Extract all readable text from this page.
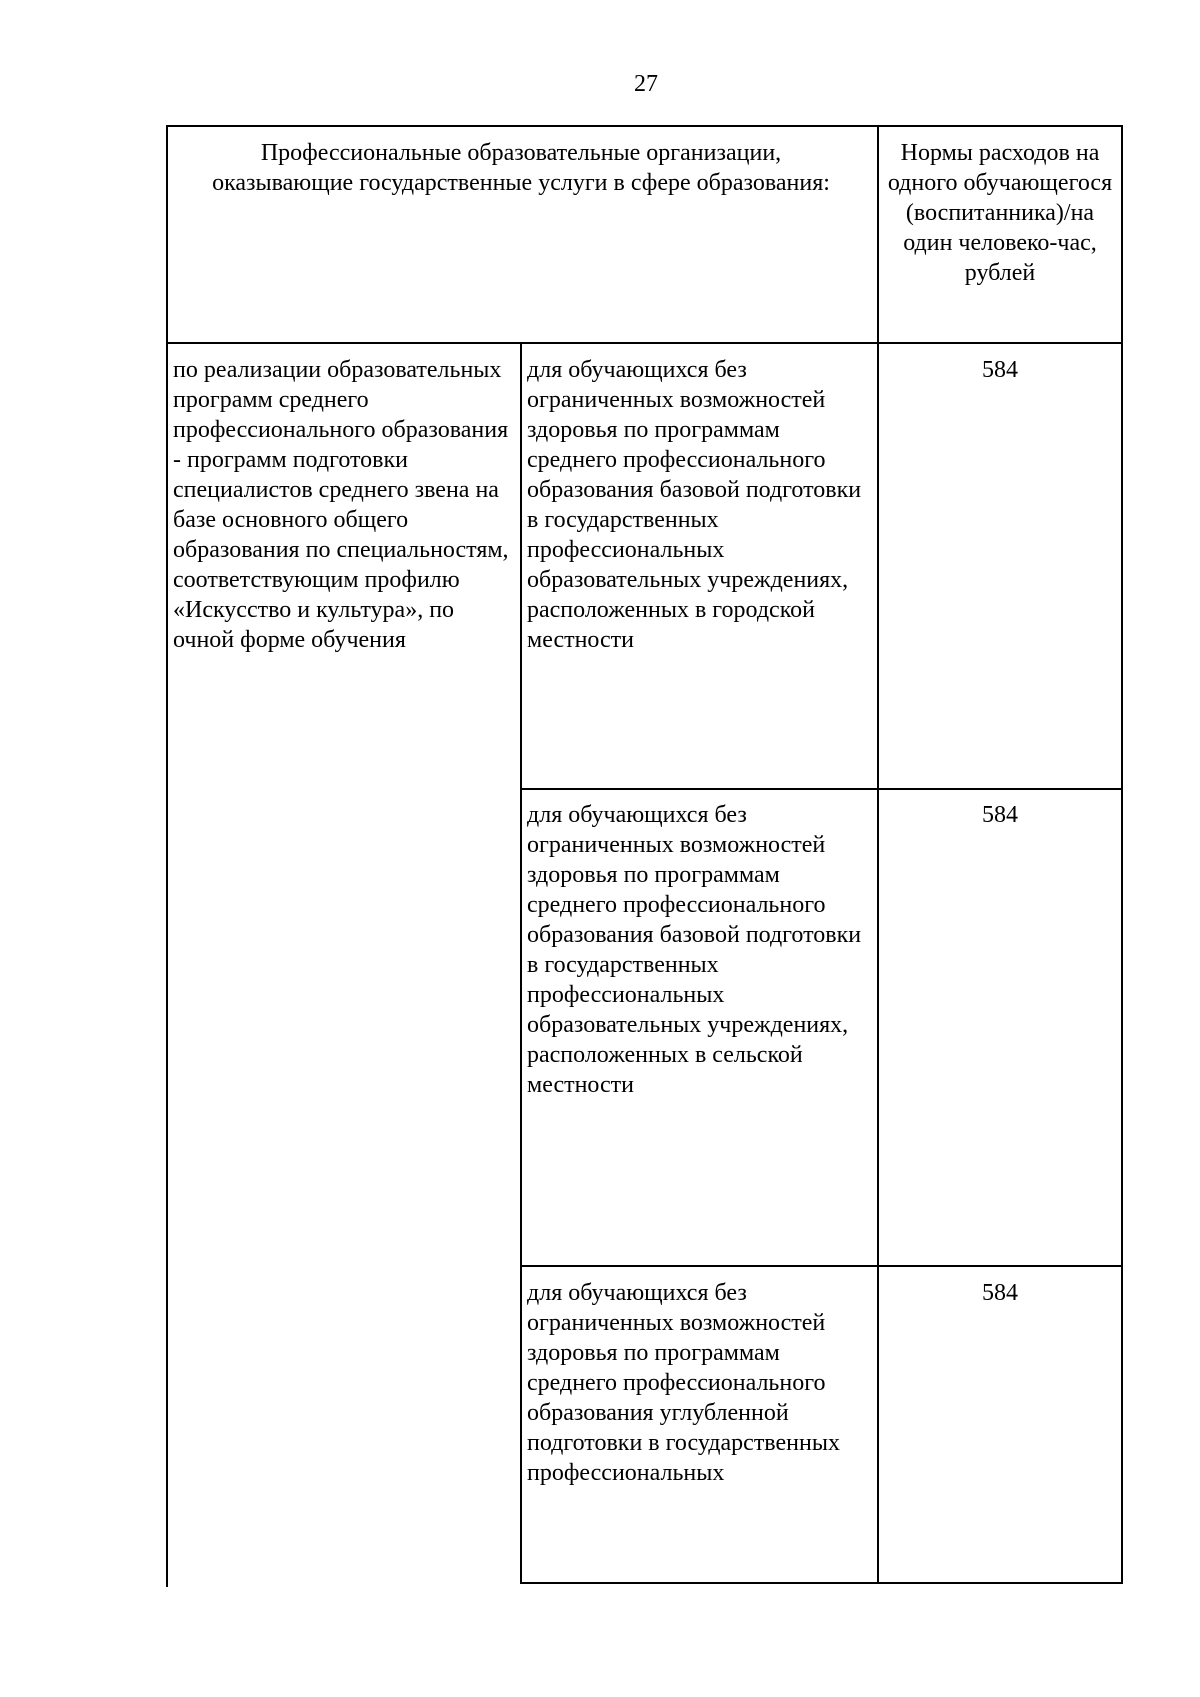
27
Профессиональные образовательные организации, оказывающие государственные услуги в сфере образования:
Нормы расходов на одного обучающегося (воспитанника)/на один человеко-час, рублей
по реализации образовательных программ среднего профессионального образования - программ подготовки специалистов среднего звена на базе основного общего образования по специальностям, соответствующим профилю «Искусство и культура», по очной форме обучения
для обучающихся без ограниченных возможностей здоровья по программам среднего профессионального образования базовой подготовки в государственных профессиональных образовательных учреждениях, расположенных в городской местности
584
для обучающихся без ограниченных возможностей здоровья по программам среднего профессионального образования базовой подготовки в государственных профессиональных образовательных учреждениях, расположенных в сельской местности
584
для обучающихся без ограниченных возможностей здоровья по программам среднего профессионального образования углубленной подготовки в государственных профессиональных
584
